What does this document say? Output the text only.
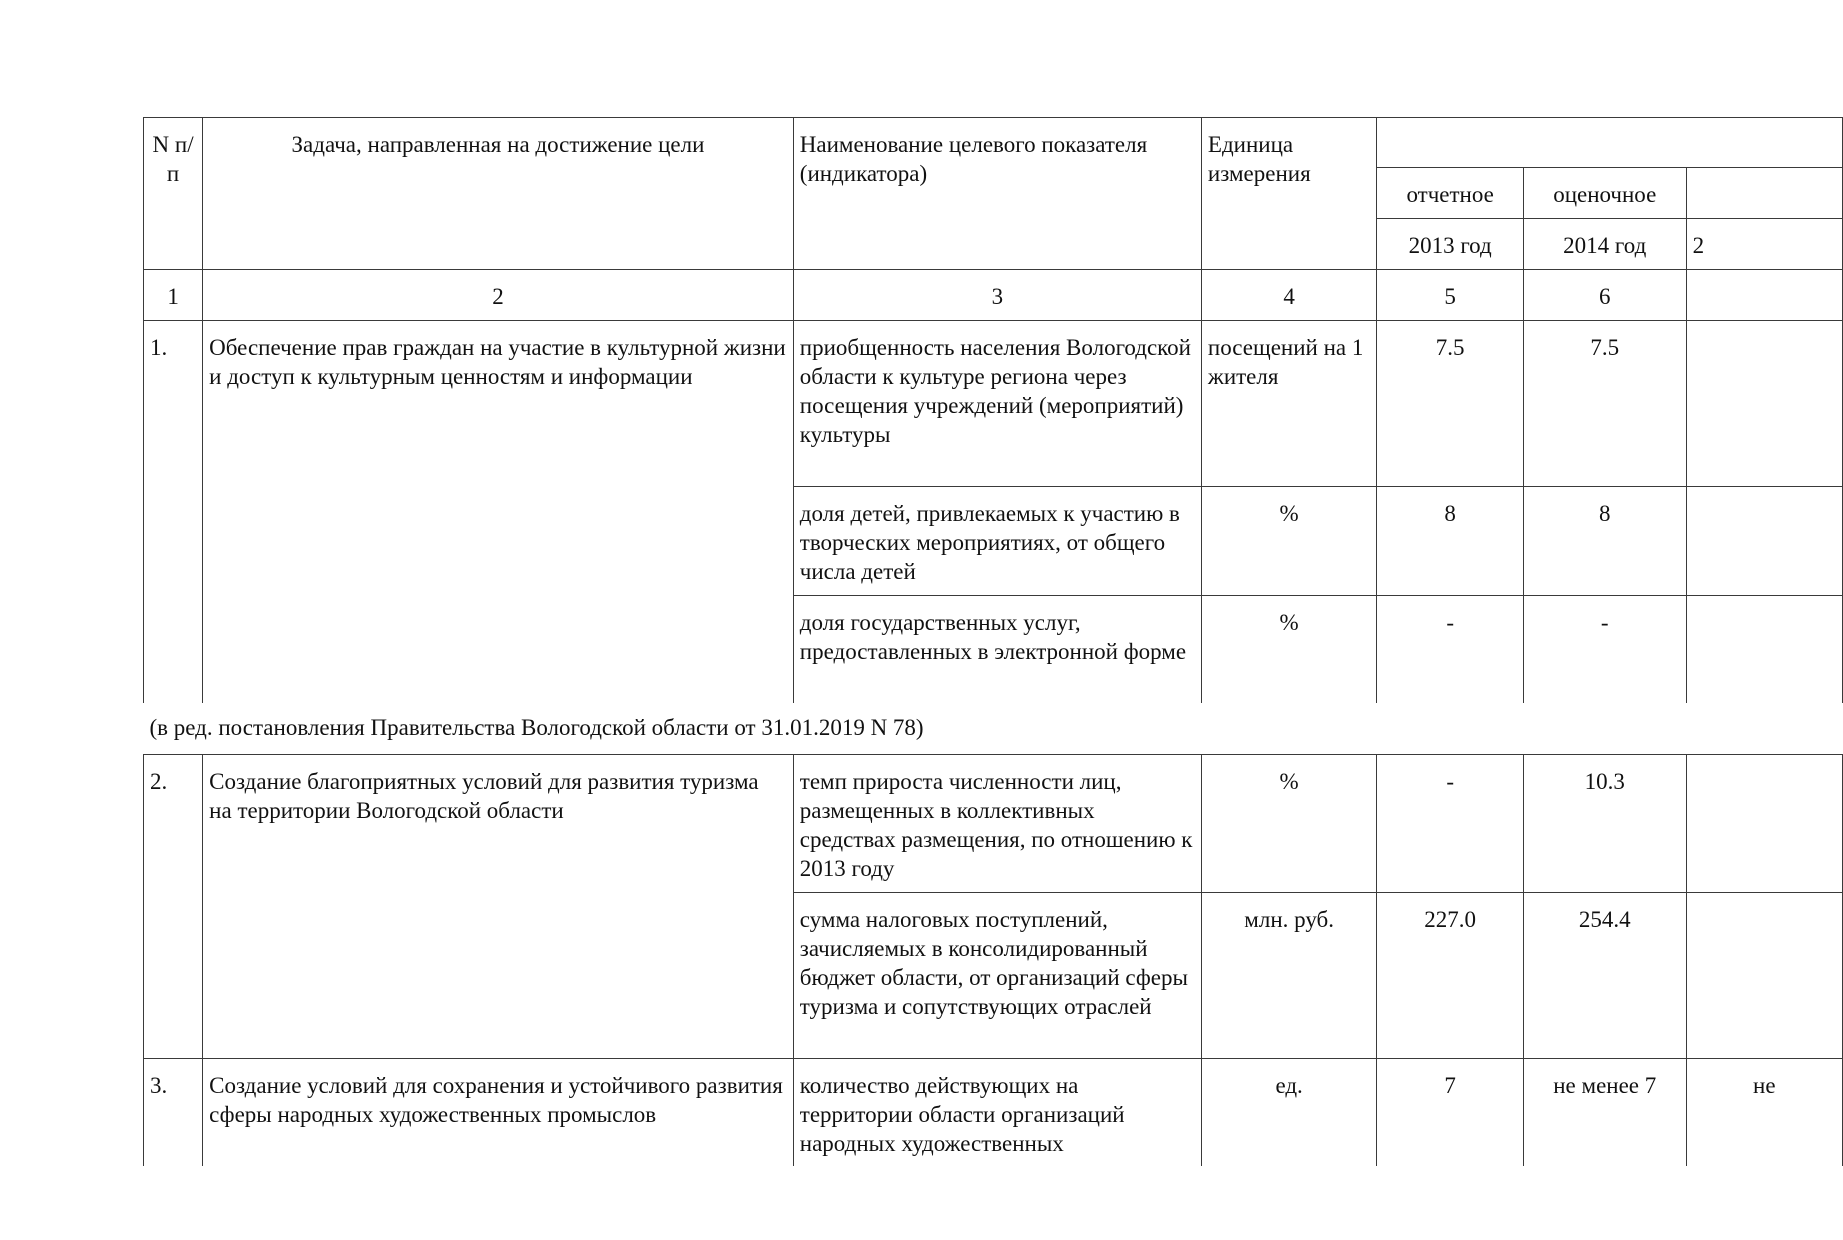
N п/п	Задача, направленная на достижение цели	Наименование целевого показателя (индикатора)	Единица измерения			
				отчетное	оценочное	
				2013 год	2014 год	2
1	2	3	4	5	6	
1.	Обеспечение прав граждан на участие в культурной жизни и доступ к культурным ценностям и информации	приобщенность населения Вологодской области к культуре региона через посещения учреждений (мероприятий) культуры	посещений на 1 жителя	7.5	7.5	
		доля детей, привлекаемых к участию в творческих мероприятиях, от общего числа детей	%	8	8	
		доля государственных услуг, предоставленных в электронной форме	%	-	-	
(в ред. постановления Правительства Вологодской области от 31.01.2019 N 78)						
2.	Создание благоприятных условий для развития туризма на территории Вологодской области	темп прироста численности лиц, размещенных в коллективных средствах размещения, по отношению к 2013 году	%	-	10.3	
		сумма налоговых поступлений, зачисляемых в консолидированный бюджет области, от организаций сферы туризма и сопутствующих отраслей	млн. руб.	227.0	254.4	
3.	Создание условий для сохранения и устойчивого развития сферы народных художественных промыслов	количество действующих на территории области организаций народных художественных	ед.	7	не менее 7	не
